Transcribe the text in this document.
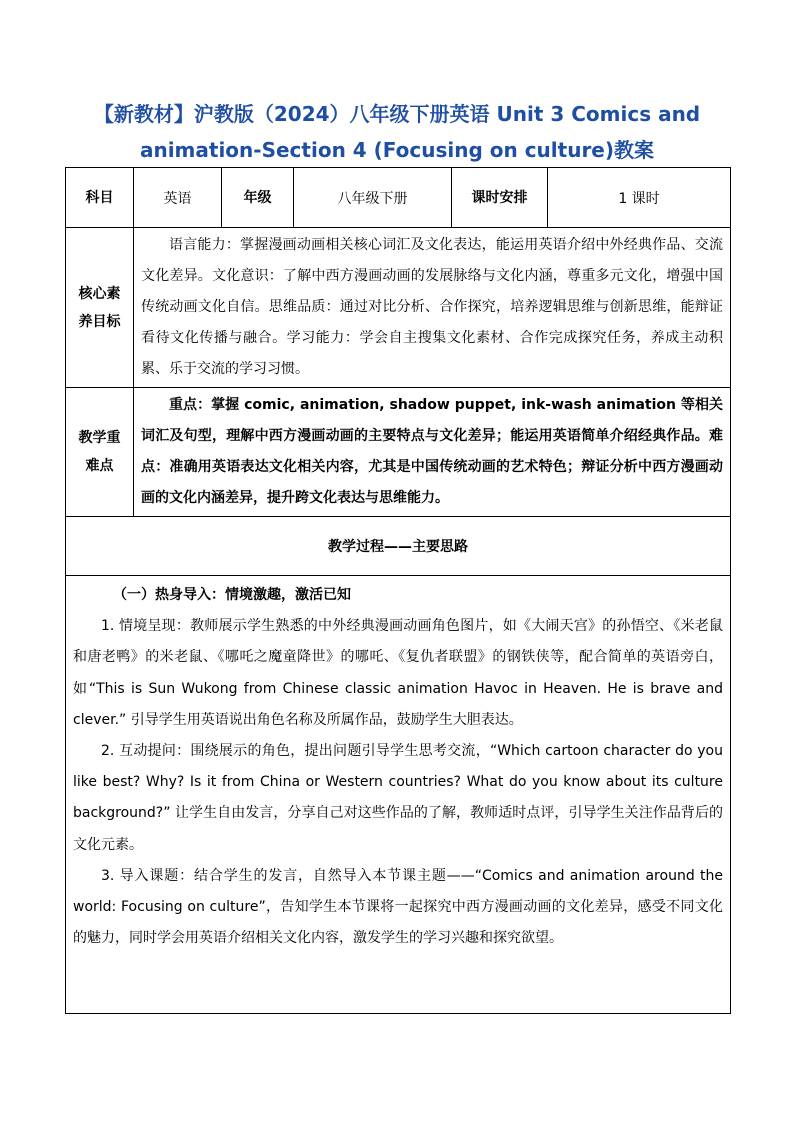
【新教材】沪教版（2024）八年级下册英语 Unit 3 Comics and
animation-Section 4 (Focusing on culture)教案
科目	英语	年级	八年级下册	课时安排	1 课时
核心素养目标	语言能力：掌握漫画动画相关核心词汇及文化表达，能运用英语介绍中外经典作品、交流文化差异。文化意识：了解中西方漫画动画的发展脉络与文化内涵，尊重多元文化，增强中国传统动画文化自信。思维品质：通过对比分析、合作探究，培养逻辑思维与创新思维，能辩证看待文化传播与融合。学习能力：学会自主搜集文化素材、合作完成探究任务，养成主动积累、乐于交流的学习习惯。				

教学重难点	重点：掌握 comic, animation, shadow puppet, ink-wash animation 等相关词汇及句型，理解中西方漫画动画的主要特点与文化差异；能运用英语简单介绍经典作品。难点：准确用英语表达文化相关内容，尤其是中国传统动画的艺术特色；辩证分析中西方漫画动画的文化内涵差异，提升跨文化表达与思维能力。				

教学过程——主要思路					

（一）热身导入：情境激趣，激活已知

1. 情境呈现：教师展示学生熟悉的中外经典漫画动画角色图片，如《大闹天宫》的孙悟空、《米老鼠和唐老鸭》的米老鼠、《哪吒之魔童降世》的哪吒、《复仇者联盟》的钢铁侠等，配合简单的英语旁白，如“This is Sun Wukong from Chinese classic animation Havoc in Heaven. He is brave and clever.” 引导学生用英语说出角色名称及所属作品，鼓励学生大胆表达。

2. 互动提问：围绕展示的角色，提出问题引导学生思考交流，“Which cartoon character do you like best? Why? Is it from China or Western countries? What do you know about its culture background?” 让学生自由发言，分享自己对这些作品的了解，教师适时点评，引导学生关注作品背后的文化元素。

3. 导入课题：结合学生的发言，自然导入本节课主题——“Comics and animation around the world: Focusing on culture”，告知学生本节课将一起探究中西方漫画动画的文化差异，感受不同文化的魅力，同时学会用英语介绍相关文化内容，激发学生的学习兴趣和探究欲望。					
